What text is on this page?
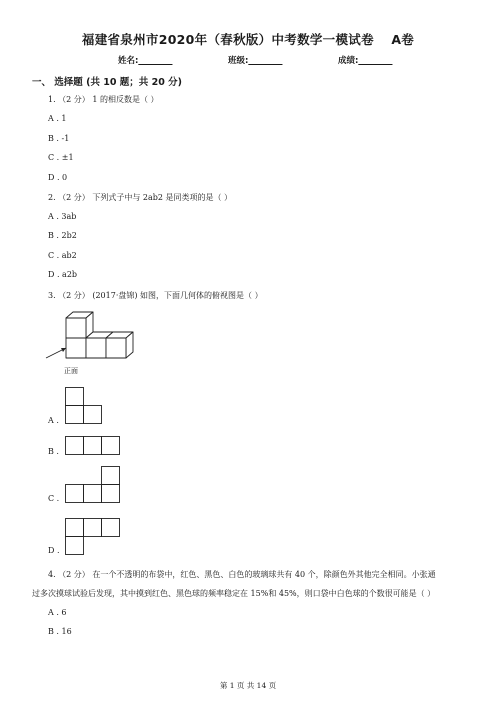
福建省泉州市2020年（春秋版）中考数学一模试卷　 A卷
姓名:________	班级:________	成绩:________
一、 选择题 (共 10 题；共 20 分)
1. （2 分） 1 的相反数是（ ）
A . 1
B . -1
C . ±1
D . 0
2. （2 分） 下列式子中与 2ab2 是同类项的是（ ）
A . 3ab
B . 2b2
C . ab2
D . a2b
3. （2 分） (2017·盘锦) 如图，下面几何体的俯视图是（ ）
正面
A .
B .
C .
D .
4. （2 分） 在一个不透明的布袋中，红色、黑色、白色的玻璃球共有 40 个，除颜色外其他完全相同。小张通
过多次摸球试验后发现，其中摸到红色、黑色球的频率稳定在 15%和 45%，则口袋中白色球的个数很可能是（ ）
A . 6
B . 16
第 1 页 共 14 页
